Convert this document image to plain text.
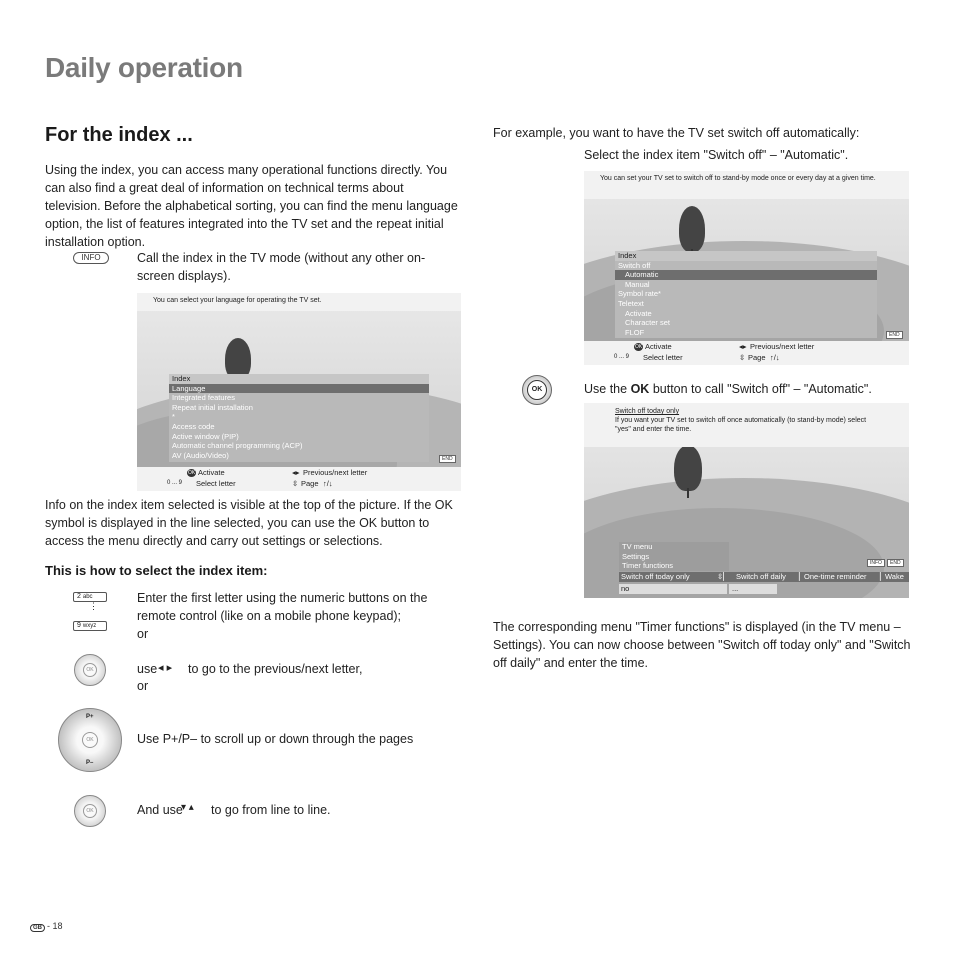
Daily operation
For the index ...
Using the index, you can access many operational functions directly. You can also find a great deal of information on technical terms about television. Before the alphabetical sorting, you can find the menu language option, the list of features integrated into the TV set and the repeat initial installation option.
INFO	Call the index in the TV mode (without any other on-screen displays).
You can select your language for operating the TV set.
Index
Language
Integrated features
Repeat initial installation
*
Access code
Active window (PIP)
Automatic channel programming (ACP)
AV (Audio/Video)	END
OK Activate	◂▸ Previous/next letter
0 ... 9 Select letter	⇳ Page ↑/↓
Info on the index item selected is visible at the top of the picture. If the OK symbol is displayed in the line selected, you can use the OK button to access the menu directly and carry out settings or selections.
This is how to select the index item:
2 abc
⋮
9 wxyz
Enter the first letter using the numeric buttons on the remote control (like on a mobile phone keypad);
or
OK	use ◂ ▸ to go to the previous/next letter,
or
OK
P+
P–
Use P+/P– to scroll up or down through the pages
OK	And use
▾ ▴ to go from line to line.
For example, you want to have the TV set switch off automatically:
Select the index item "Switch off" – "Automatic".
You can set your TV set to switch off to stand-by mode once or every day at a given time.
Index
Switch off
Automatic
Manual
Symbol rate*
Teletext
Activate
Character set
FLOF	END
OK Activate	◂▸ Previous/next letter
0 ... 9 Select letter	⇳ Page ↑/↓
OK	Use the OK button to call "Switch off" – "Automatic".
Switch off today only
If you want your TV set to switch off once automatically (to stand-by mode) select "yes" and enter the time.
TV menu
Settings
Timer functions	INFO	END
Switch off today only	⇳▏ Switch off daily ▏ One-time reminder ▏ Wake
no	...
The corresponding menu "Timer functions" is displayed (in the TV menu – Settings). You can now choose between "Switch off today only" and "Switch off daily" and enter the time.
GB - 18
